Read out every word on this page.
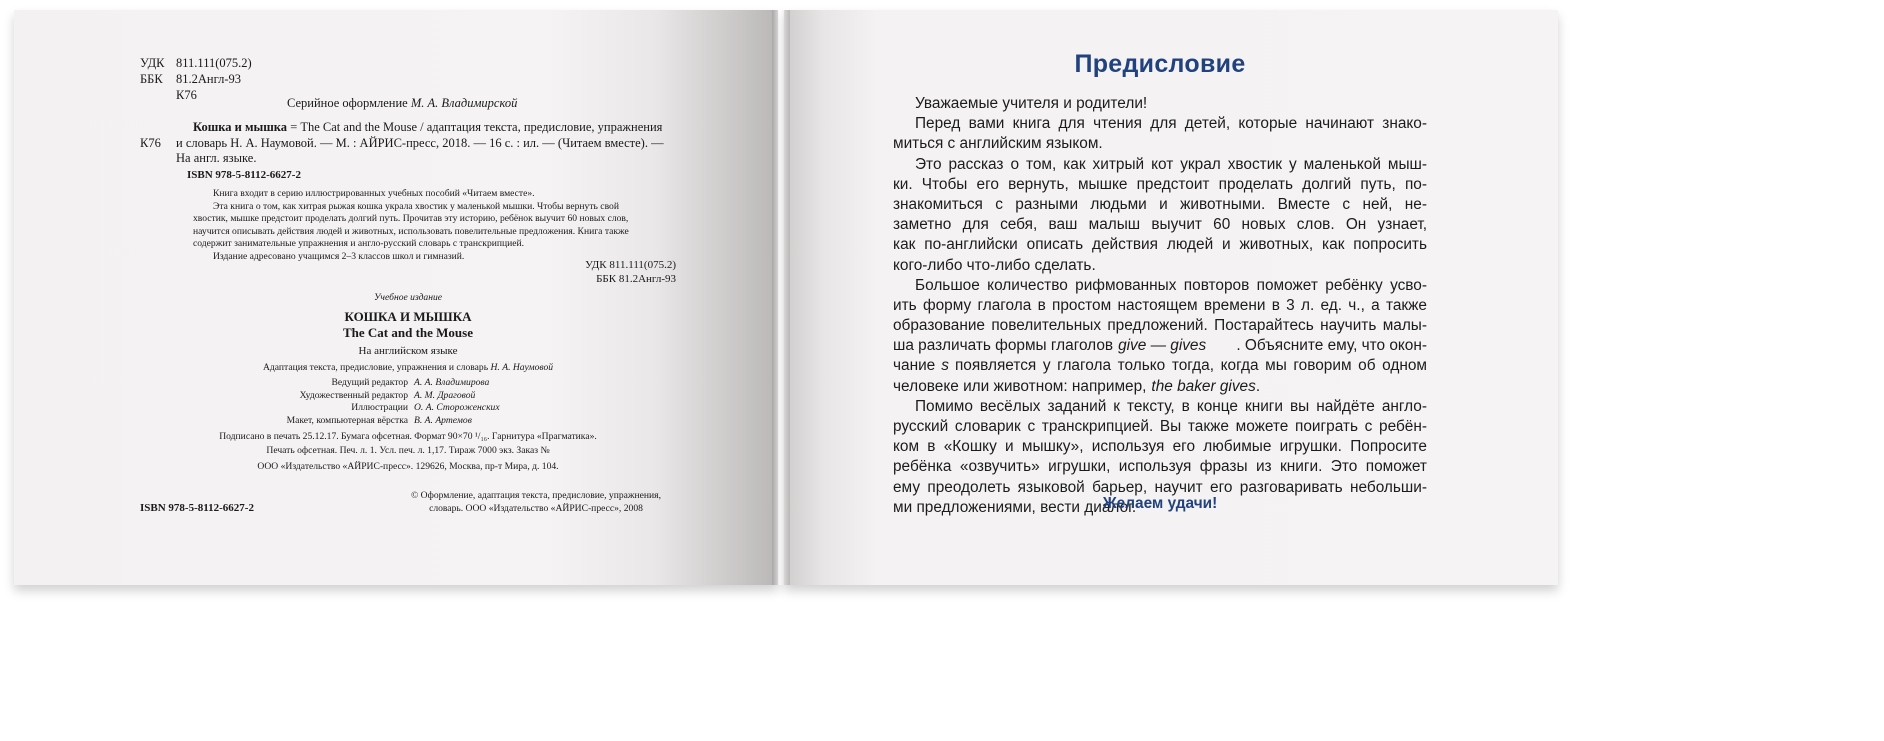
УДК 811.111(075.2)
ББК 81.2Англ-93
К76
Серийное оформление М. А. Владимирской
Кошка и мышка = The Cat and the Mouse / адаптация текста, предисловие, упражнения
К76 и словарь Н. А. Наумовой. — М. : АЙРИС-пресс, 2018. — 16 с. : ил. — (Читаем вместе). —
На англ. языке.
ISBN 978-5-8112-6627-2
Книга входит в серию иллюстрированных учебных пособий «Читаем вместе».
Эта книга о том, как хитрая рыжая кошка украла хвостик у маленькой мышки. Чтобы вернуть свой
хвостик, мышке предстоит проделать долгий путь. Прочитав эту историю, ребёнок выучит 60 новых слов,
научится описывать действия людей и животных, использовать повелительные предложения. Книга также
содержит занимательные упражнения и англо-русский словарь с транскрипцией.
Издание адресовано учащимся 2–3 классов школ и гимназий.
УДК 811.111(075.2)
ББК 81.2Англ-93
Учебное издание
КОШКА И МЫШКА
The Cat and the Mouse
На английском языке
Адаптация текста, предисловие, упражнения и словарь Н. А. Наумовой
Ведущий редактор А. А. Владимирова
Художественный редактор А. М. Драговой
Иллюстрации О. А. Стороженских
Макет, компьютерная вёрстка В. А. Артемов
Подписано в печать 25.12.17. Бумага офсетная. Формат 90×70 ¹/₁₆. Гарнитура «Прагматика».
Печать офсетная. Печ. л. 1. Усл. печ. л. 1,17. Тираж 7000 экз. Заказ №
ООО «Издательство «АЙРИС-пресс». 129626, Москва, пр-т Мира, д. 104.
ISBN 978-5-8112-6627-2
© Оформление, адаптация текста, предисловие, упражнения,
словарь. ООО «Издательство «АЙРИС-пресс», 2008
Предисловие
Уважаемые учителя и родители!
Перед вами книга для чтения для детей, которые начинают знако-
миться с английским языком.
Это рассказ о том, как хитрый кот украл хвостик у маленькой мыш-
ки. Чтобы его вернуть, мышке предстоит проделать долгий путь, по-
знакомиться с разными людьми и животными. Вместе с ней, не-
заметно для себя, ваш малыш выучит 60 новых слов. Он узнает,
как по-английски описать действия людей и животных, как попросить
кого-либо что-либо сделать.
Большое количество рифмованных повторов поможет ребёнку усво-
ить форму глагола в простом настоящем времени в 3 л. ед. ч., а также
образование повелительных предложений. Постарайтесь научить малы-
ша различать формы глаголов give — gives . Объясните ему, что окон-
чание s появляется у глагола только тогда, когда мы говорим об одном
человеке или животном: например, the baker gives .
Помимо весёлых заданий к тексту, в конце книги вы найдёте англо-
русский словарик с транскрипцией. Вы также можете поиграть с ребён-
ком в «Кошку и мышку», используя его любимые игрушки. Попросите
ребёнка «озвучить» игрушки, используя фразы из книги. Это поможет
ему преодолеть языковой барьер, научит его разговаривать небольши-
ми предложениями, вести диалог.
Желаем удачи!
